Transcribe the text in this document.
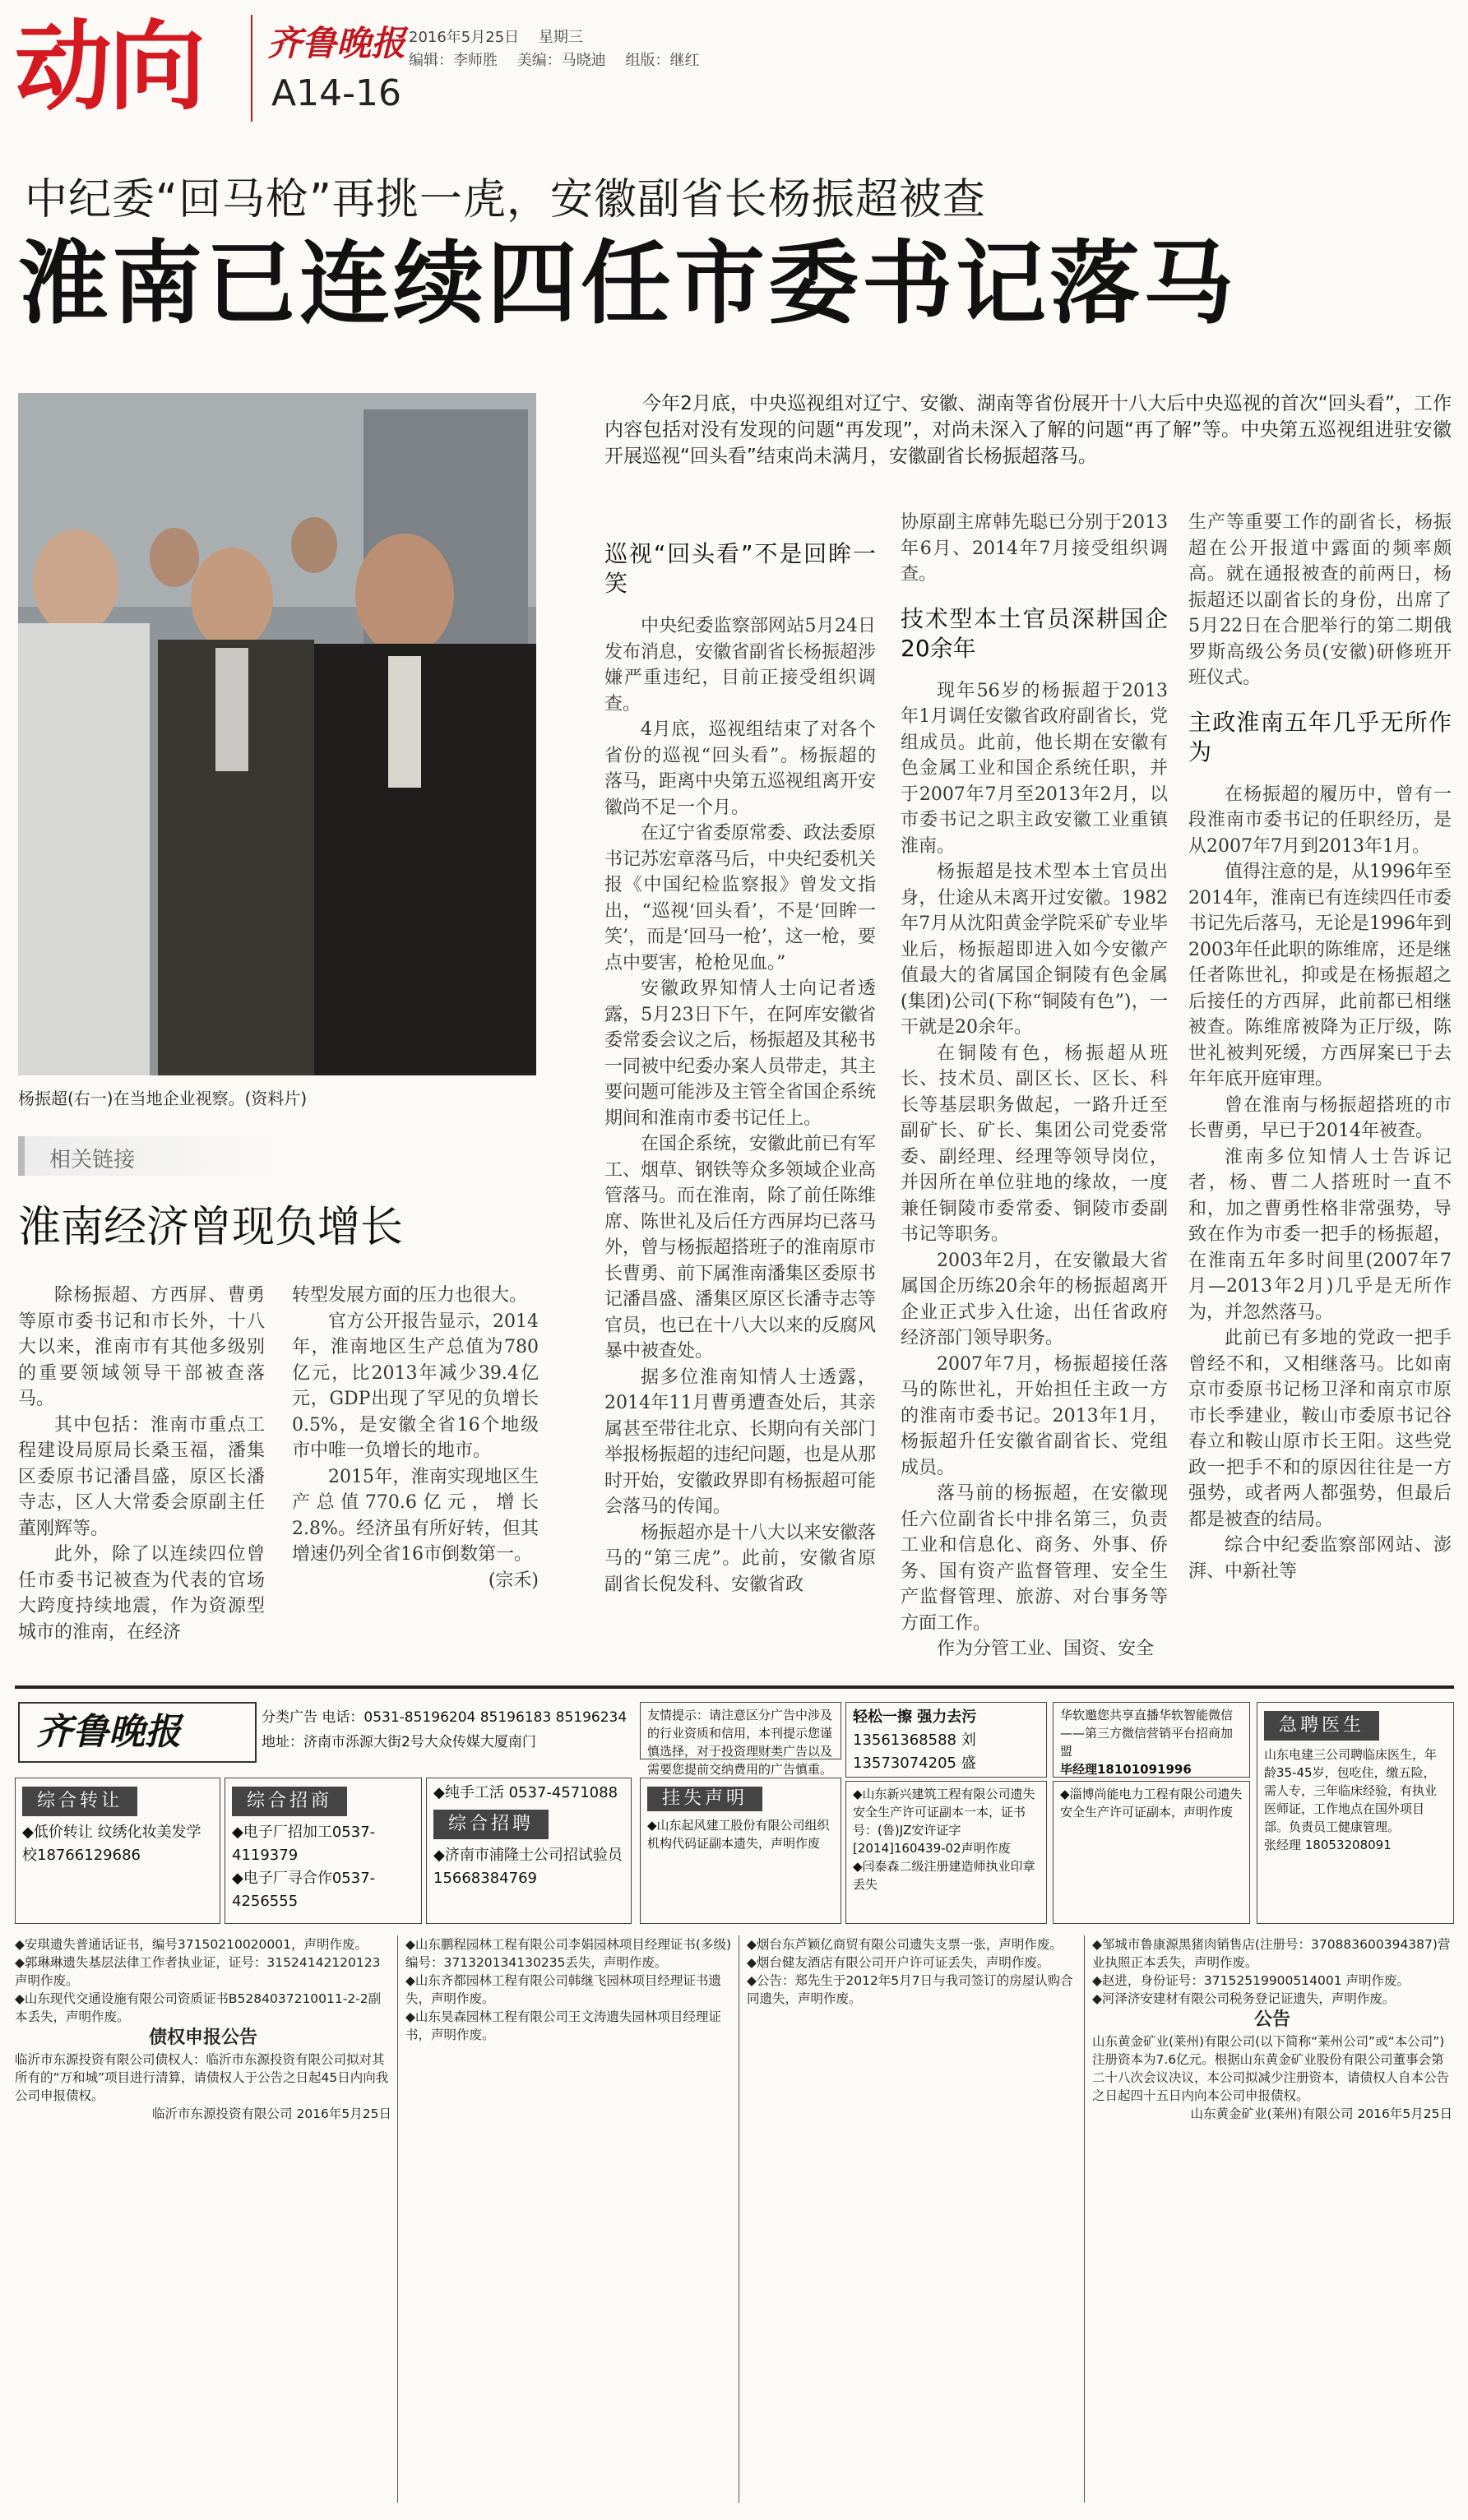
动向 齐鲁晚报
A14-16
2016年5月25日 星期三
编辑：李师胜 美编：马晓迪 组版：继红
中纪委“回马枪”再挑一虎，安徽副省长杨振超被查
淮南已连续四任市委书记落马
杨振超(右一)在当地企业视察。(资料片)
今年2月底，中央巡视组对辽宁、安徽、湖南等省份展开十八大后中央巡视的首次“回头看”，工作内容包括对没有发现的问题“再发现”，对尚未深入了解的问题“再了解”等。中央第五巡视组进驻安徽开展巡视“回头看”结束尚未满月，安徽副省长杨振超落马。

巡视“回头看”不是回眸一笑

中央纪委监察部网站5月24日发布消息，安徽省副省长杨振超涉嫌严重违纪，目前正接受组织调查。

4月底，巡视组结束了对各个省份的巡视“回头看”。杨振超的落马，距离中央第五巡视组离开安徽尚不足一个月。

在辽宁省委原常委、政法委原书记苏宏章落马后，中央纪委机关报《中国纪检监察报》曾发文指出，“巡视‘回头看’，不是‘回眸一笑’，而是‘回马一枪’，这一枪，要点中要害，枪枪见血。”

安徽政界知情人士向记者透露，5月23日下午，在阿库安徽省委常委会议之后，杨振超及其秘书一同被中纪委办案人员带走，其主要问题可能涉及主管全省国企系统期间和淮南市委书记任上。

在国企系统，安徽此前已有军工、烟草、钢铁等众多领域企业高管落马。而在淮南，除了前任陈维席、陈世礼及后任方西屏均已落马外，曾与杨振超搭班子的淮南原市长曹勇、前下属淮南潘集区委原书记潘昌盛、潘集区原区长潘寺志等官员，也已在十八大以来的反腐风暴中被查处。

据多位淮南知情人士透露，2014年11月曹勇遭查处后，其亲属甚至带往北京、长期向有关部门举报杨振超的违纪问题，也是从那时开始，安徽政界即有杨振超可能会落马的传闻。

杨振超亦是十八大以来安徽落马的“第三虎”。此前，安徽省原副省长倪发科、安徽省政

协原副主席韩先聪已分别于2013年6月、2014年7月接受组织调查。

技术型本土官员深耕国企20余年

现年56岁的杨振超于2013年1月调任安徽省政府副省长，党组成员。此前，他长期在安徽有色金属工业和国企系统任职，并于2007年7月至2013年2月，以市委书记之职主政安徽工业重镇淮南。

杨振超是技术型本土官员出身，仕途从未离开过安徽。1982年7月从沈阳黄金学院采矿专业毕业后，杨振超即进入如今安徽产值最大的省属国企铜陵有色金属(集团)公司(下称“铜陵有色”)，一干就是20余年。

在铜陵有色，杨振超从班长、技术员、副区长、区长、科长等基层职务做起，一路升迁至副矿长、矿长、集团公司党委常委、副经理、经理等领导岗位，并因所在单位驻地的缘故，一度兼任铜陵市委常委、铜陵市委副书记等职务。

2003年2月，在安徽最大省属国企历练20余年的杨振超离开企业正式步入仕途，出任省政府经济部门领导职务。

2007年7月，杨振超接任落马的陈世礼，开始担任主政一方的淮南市委书记。2013年1月，杨振超升任安徽省副省长、党组成员。

落马前的杨振超，在安徽现任六位副省长中排名第三，负责工业和信息化、商务、外事、侨务、国有资产监督管理、安全生产监督管理、旅游、对台事务等方面工作。

作为分管工业、国资、安全

生产等重要工作的副省长，杨振超在公开报道中露面的频率颇高。就在通报被查的前两日，杨振超还以副省长的身份，出席了5月22日在合肥举行的第二期俄罗斯高级公务员(安徽)研修班开班仪式。

主政淮南五年几乎无所作为

在杨振超的履历中，曾有一段淮南市委书记的任职经历，是从2007年7月到2013年1月。

值得注意的是，从1996年至2014年，淮南已有连续四任市委书记先后落马，无论是1996年到2003年任此职的陈维席，还是继任者陈世礼，抑或是在杨振超之后接任的方西屏，此前都已相继被查。陈维席被降为正厅级，陈世礼被判死缓，方西屏案已于去年年底开庭审理。

曾在淮南与杨振超搭班的市长曹勇，早已于2014年被查。

淮南多位知情人士告诉记者，杨、曹二人搭班时一直不和，加之曹勇性格非常强势，导致在作为市委一把手的杨振超，在淮南五年多时间里(2007年7月—2013年2月)几乎是无所作为，并忽然落马。

此前已有多地的党政一把手曾经不和，又相继落马。比如南京市委原书记杨卫泽和南京市原市长季建业，鞍山市委原书记谷春立和鞍山原市长王阳。这些党政一把手不和的原因往往是一方强势，或者两人都强势，但最后都是被查的结局。

综合中纪委监察部网站、澎湃、中新社等

相关链接
淮南经济曾现负增长

除杨振超、方西屏、曹勇等原市委书记和市长外，十八大以来，淮南市有其他多级别的重要领域领导干部被查落马。

其中包括：淮南市重点工程建设局原局长桑玉福，潘集区委原书记潘昌盛，原区长潘寺志，区人大常委会原副主任董刚辉等。

此外，除了以连续四位曾任市委书记被查为代表的官场大跨度持续地震，作为资源型城市的淮南，在经济

转型发展方面的压力也很大。

官方公开报告显示，2014年，淮南地区生产总值为780亿元，比2013年减少39.4亿元，GDP出现了罕见的负增长0.5%，是安徽全省16个地级市中唯一负增长的地市。

2015年，淮南实现地区生产总值770.6亿元，增长2.8%。经济虽有所好转，但其增速仍列全省16市倒数第一。

(宗禾)

齐鲁晚报	分类广告 电话：0531-85196204 85196183 85196234
地址：济南市泺源大街2号大众传媒大厦南门
友情提示：请注意区分广告中涉及的行业资质和信用，本刊提示您谨慎选择，对于投资理财类广告以及需要您提前交纳费用的广告慎重。
轻松一擦 强力去污
13561368588 刘
13573074205 盛
华软邀您共享直播华软智能微信——第三方微信营销平台招商加盟
毕经理18101091996
急聘医生
山东电建三公司聘临床医生，年龄35-45岁，包吃住，缴五险，需人专，三年临床经验，有执业医师证，工作地点在国外项目部。负责员工健康管理。
张经理 18053208091
综合转让
◆低价转让 纹绣化妆美发学校18766129686
综合招商
◆电子厂招加工0537-4119379
◆电子厂寻合作0537-4256555
◆纯手工活 0537-4571088
综合招聘
◆济南市浦隆士公司招试验员15668384769
挂失声明
◆山东起风建工股份有限公司组织机构代码证副本遗失，声明作废
◆山东新兴建筑工程有限公司遗失安全生产许可证副本一本，证书号：(鲁)JZ安许证字[2014]160439-02声明作废
◆闫泰森二级注册建造师执业印章丢失
◆淄博尚能电力工程有限公司遗失安全生产许可证副本，声明作废

◆安琪遗失普通话证书，编号37150210020001，声明作废。

◆郭琳琳遗失基层法律工作者执业证，证号：31524142120123 声明作废。

◆山东现代交通设施有限公司资质证书B5284037210011-2-2副本丢失，声明作废。

债权申报公告

临沂市东源投资有限公司债权人：临沂市东源投资有限公司拟对其所有的“万和城”项目进行清算，请债权人于公告之日起45日内向我公司申报债权。

临沂市东源投资有限公司 2016年5月25日

◆山东鹏程园林工程有限公司李娟园林项目经理证书(多级)编号：371320134130235丢失，声明作废。

◆山东齐都园林工程有限公司韩继飞园林项目经理证书遗失，声明作废。

◆山东昊森园林工程有限公司王文涛遗失园林项目经理证书，声明作废。

◆烟台东芦颖亿商贸有限公司遗失支票一张，声明作废。

◆烟台健友酒店有限公司开户许可证丢失，声明作废。

◆公告：郑先生于2012年5月7日与我司签订的房屋认购合同遗失，声明作废。

◆邹城市鲁康源黑猪肉销售店(注册号：370883600394387)营业执照正本丢失，声明作废。

◆赵进，身份证号：37152519900514001 声明作废。

◆河泽济安建材有限公司税务登记证遗失，声明作废。

公告

山东黄金矿业(莱州)有限公司(以下简称“莱州公司”或“本公司”)注册资本为7.6亿元。根据山东黄金矿业股份有限公司董事会第二十八次会议决议，本公司拟减少注册资本，请债权人自本公告之日起四十五日内向本公司申报债权。

山东黄金矿业(莱州)有限公司 2016年5月25日
